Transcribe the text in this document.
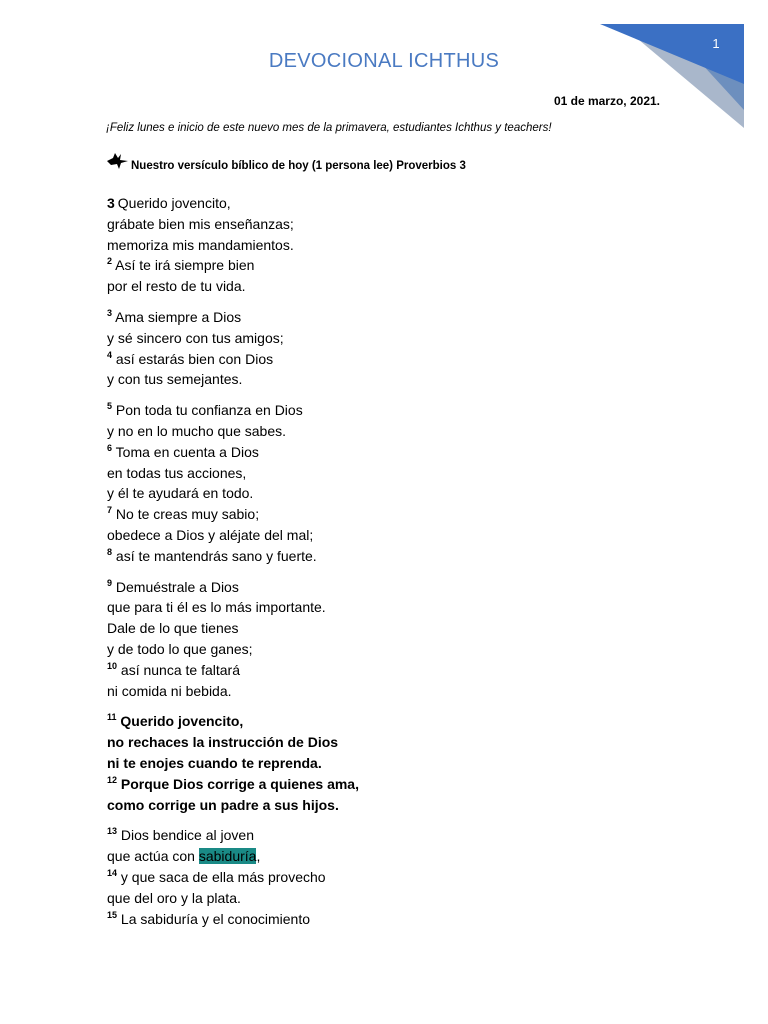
1
DEVOCIONAL ICHTHUS
01 de marzo, 2021.
¡Feliz lunes e inicio de este nuevo mes de la primavera, estudiantes Ichthus y teachers!
Nuestro versículo bíblico de hoy (1 persona lee) Proverbios 3
3 Querido jovencito,
grábate bien mis enseñanzas;
memoriza mis mandamientos.
$^2$ Así te irá siempre bien
por el resto de tu vida.
$^3$ Ama siempre a Dios
y sé sincero con tus amigos;
$^4$ así estarás bien con Dios
y con tus semejantes.
$^5$ Pon toda tu confianza en Dios
y no en lo mucho que sabes.
$^6$ Toma en cuenta a Dios
en todas tus acciones,
y él te ayudará en todo.
$^7$ No te creas muy sabio;
obedece a Dios y aléjate del mal;
$^8$ así te mantendrás sano y fuerte.
$^9$ Demuéstrale a Dios
que para ti él es lo más importante.
Dale de lo que tienes
y de todo lo que ganes;
$^{10}$ así nunca te faltará
ni comida ni bebida.
$^{11}$ Querido jovencito,
no rechaces la instrucción de Dios
ni te enojes cuando te reprenda.
$^{12}$ Porque Dios corrige a quienes ama,
como corrige un padre a sus hijos.
$^{13}$ Dios bendice al joven
que actúa con sabiduría,
$^{14}$ y que saca de ella más provecho
que del oro y la plata.
$^{15}$ La sabiduría y el conocimiento
